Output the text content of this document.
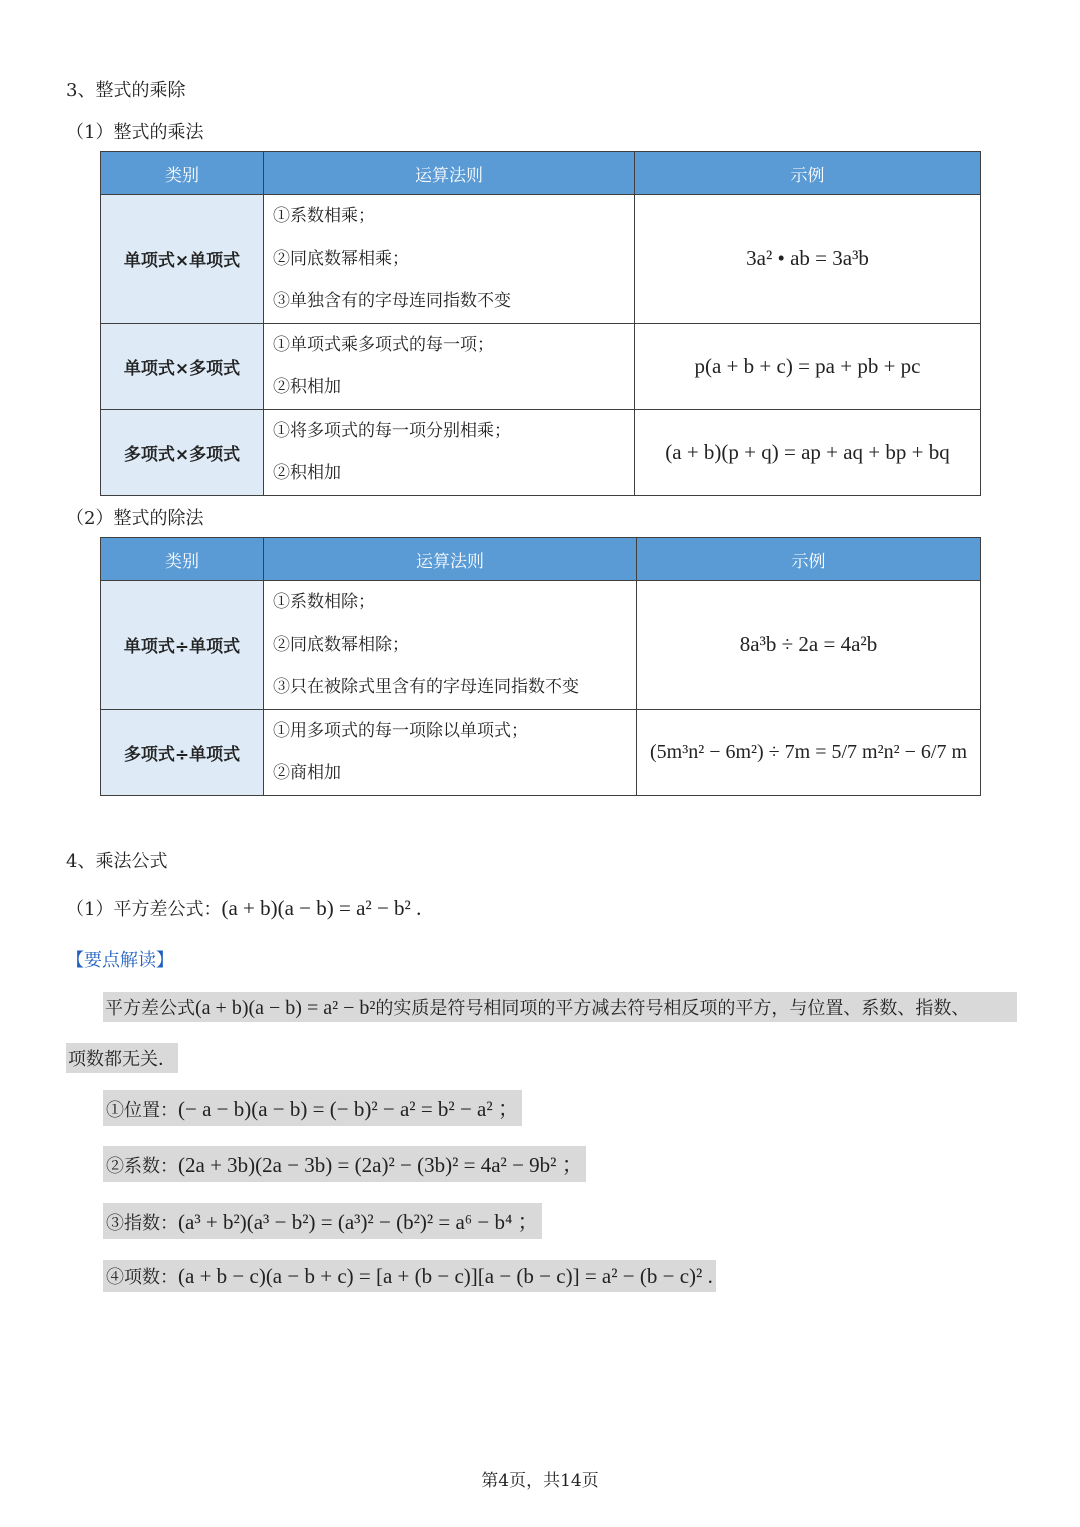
3、整式的乘除
（1）整式的乘法
类别	运算法则	示例
单项式×单项式	①系数相乘；
②同底数幂相乘；
③单独含有的字母连同指数不变	3a² • ab = 3a³b
单项式×多项式	①单项式乘多项式的每一项；
②积相加	p(a + b + c) = pa + pb + pc
多项式×多项式	①将多项式的每一项分别相乘；
②积相加	(a + b)(p + q) = ap + aq + bp + bq
（2）整式的除法
类别	运算法则	示例
单项式÷单项式	①系数相除；
②同底数幂相除；
③只在被除式里含有的字母连同指数不变	8a³b ÷ 2a = 4a²b
多项式÷单项式	①用多项式的每一项除以单项式；
②商相加	(5m³n² − 6m²) ÷ 7m = 5/7 m²n² − 6/7 m
4、乘法公式
（1）平方差公式：(a + b)(a − b) = a² − b² .
【要点解读】
平方差公式(a + b)(a − b) = a² − b²的实质是符号相同项的平方减去符号相反项的平方，与位置、系数、指数、
项数都无关．
①位置：(− a − b)(a − b) = (− b)² − a² = b² − a² ；
②系数：(2a + 3b)(2a − 3b) = (2a)² − (3b)² = 4a² − 9b² ；
③指数：(a³ + b²)(a³ − b²) = (a³)² − (b²)² = a⁶ − b⁴ ；
④项数：(a + b − c)(a − b + c) = [a + (b − c)][a − (b − c)] = a² − (b − c)² .
第4页，共14页
